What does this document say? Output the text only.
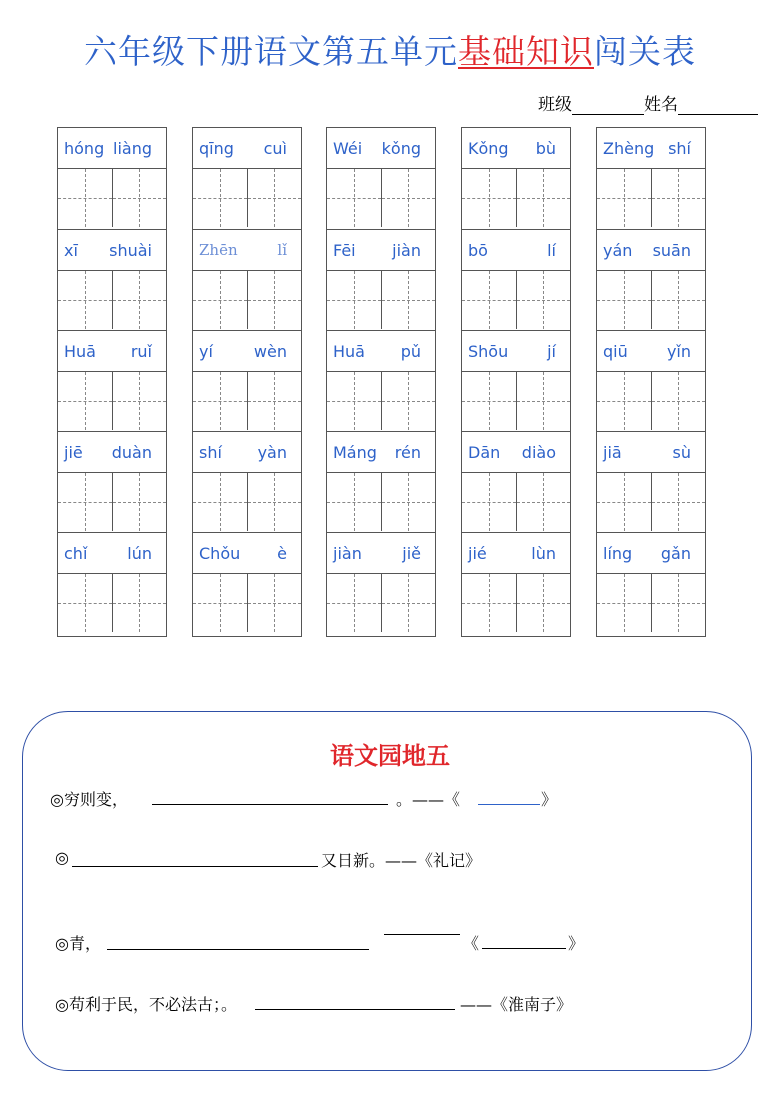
六年级下册语文第五单元基础知识闯关表
班级	姓名
hóng liàng
xī shuài
Huā ruǐ
jiē duàn
chǐ lún
qīng cuì
Zhēn	lǐ
yí	wèn
shí yàn
Chǒu è
Wéi kǒng
Fēi jiàn
Huā pǔ
Máng rén
jiàn	jiě
Kǒng bù
bō	lí
Shōu jí
Dān diào
jié	lùn
Zhèng shí
yán suān
qiū yǐn
jiā	sù
líng gǎn
语文园地五
◎穷则变，	。——《	》
◎	又日新。——《礼记》
◎青，	《	》
◎苟利于民，不必法古；。	——《淮南子》
